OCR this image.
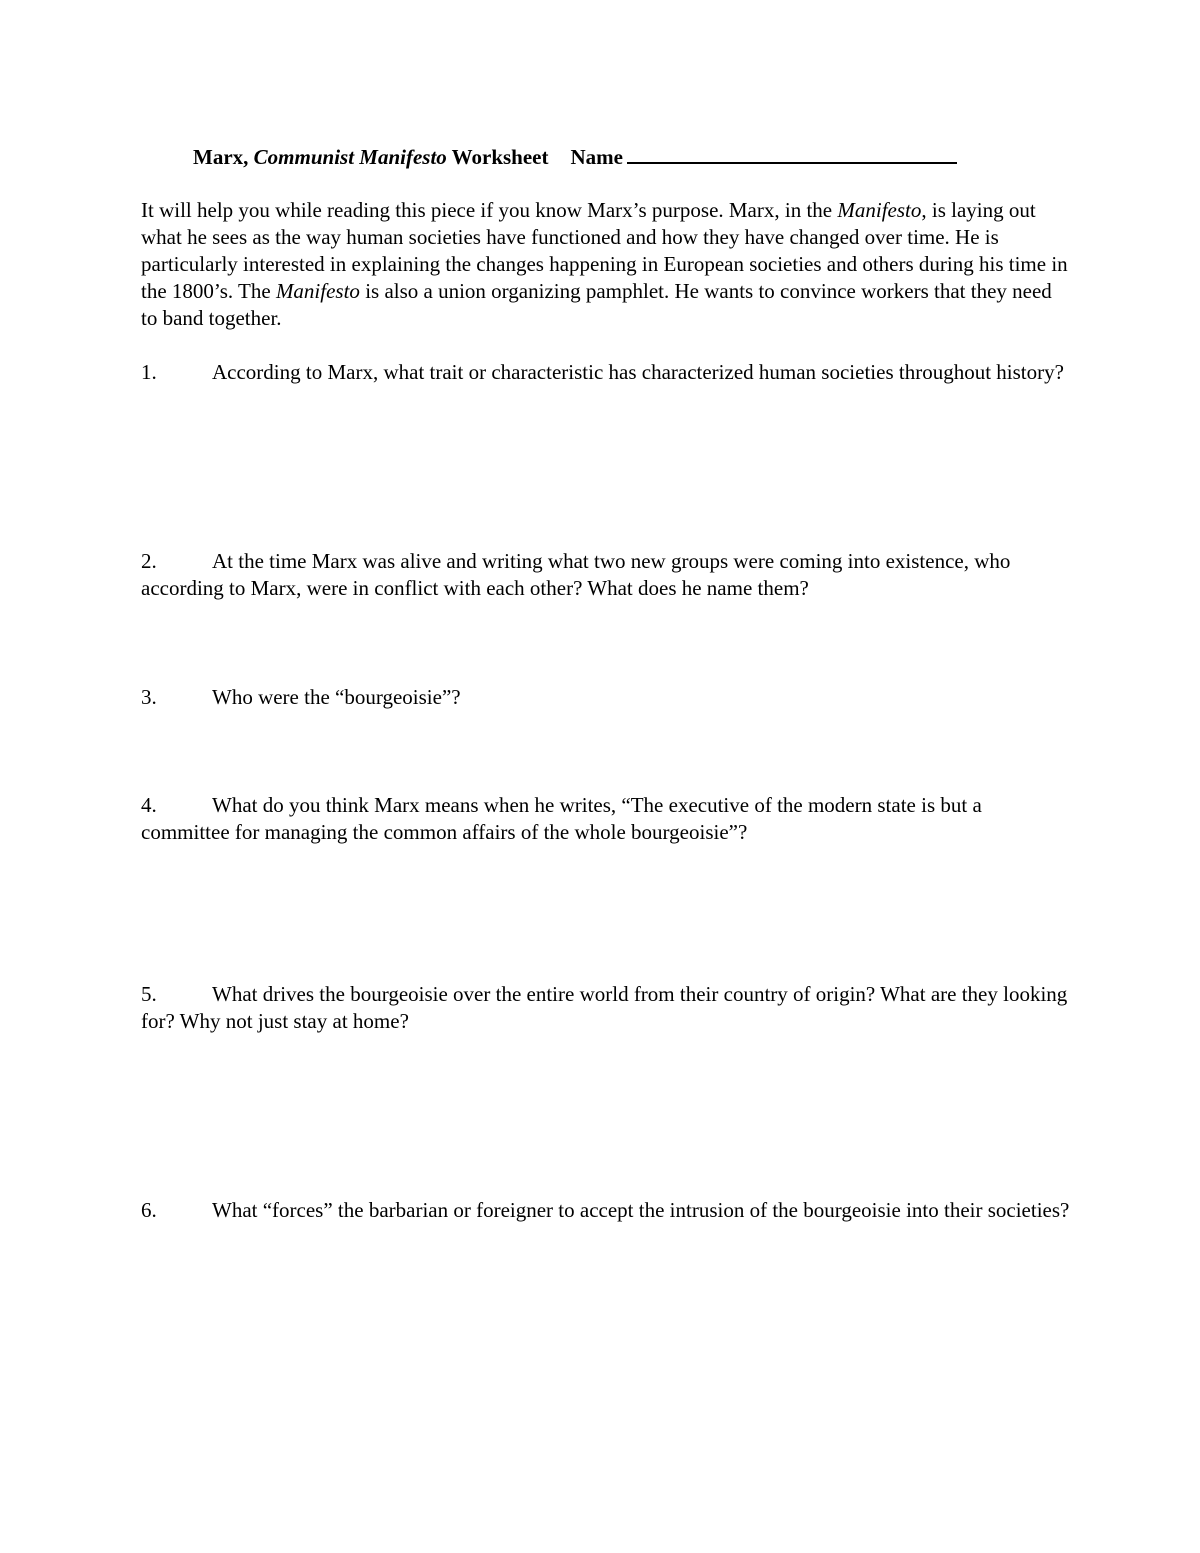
Marx, Communist Manifesto Worksheet Name
It will help you while reading this piece if you know Marx’s purpose. Marx, in the Manifesto, is laying out what he sees as the way human societies have functioned and how they have changed over time. He is particularly interested in explaining the changes happening in European societies and others during his time in the 1800’s. The Manifesto is also a union organizing pamphlet. He wants to convince workers that they need to band together.
1.	According to Marx, what trait or characteristic has characterized human societies throughout history?
2.	At the time Marx was alive and writing what two new groups were coming into existence, who according to Marx, were in conflict with each other? What does he name them?
3.	Who were the “bourgeoisie”?
4.	What do you think Marx means when he writes, “The executive of the modern state is but a committee for managing the common affairs of the whole bourgeoisie”?
5.	What drives the bourgeoisie over the entire world from their country of origin? What are they looking for? Why not just stay at home?
6.	What “forces” the barbarian or foreigner to accept the intrusion of the bourgeoisie into their societies?
